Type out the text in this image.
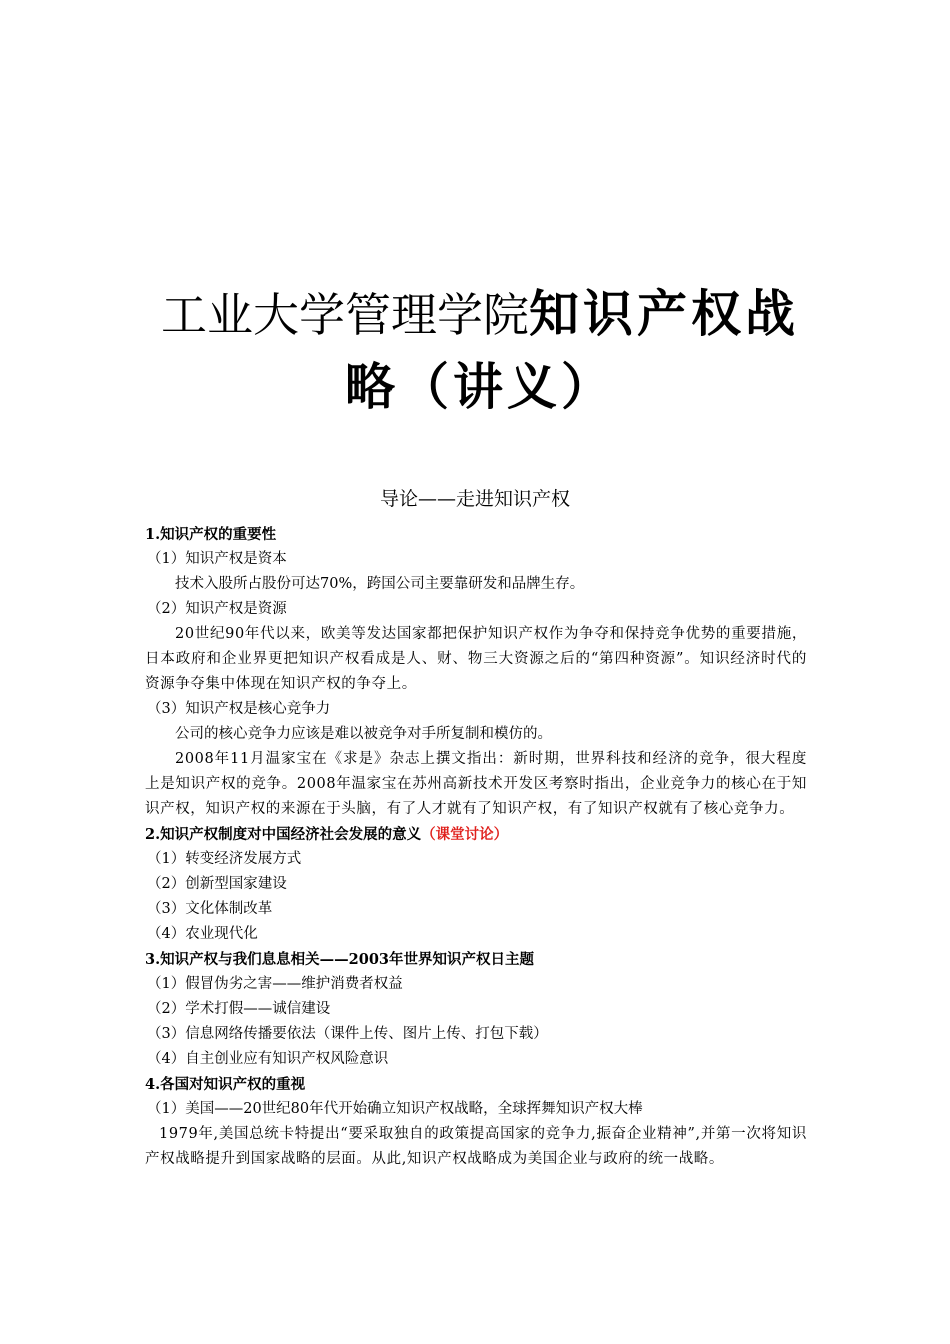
工业大学管理学院知识产权战
略（讲义）
导论——走进知识产权

1.知识产权的重要性

（1）知识产权是资本

技术入股所占股份可达70%，跨国公司主要靠研发和品牌生存。

（2）知识产权是资源

20世纪90年代以来，欧美等发达国家都把保护知识产权作为争夺和保持竞争优势的重要措施，日本政府和企业界更把知识产权看成是人、财、物三大资源之后的“第四种资源”。知识经济时代的资源争夺集中体现在知识产权的争夺上。

（3）知识产权是核心竞争力

公司的核心竞争力应该是难以被竞争对手所复制和模仿的。

2008年11月温家宝在《求是》杂志上撰文指出：新时期，世界科技和经济的竞争，很大程度上是知识产权的竞争。2008年温家宝在苏州高新技术开发区考察时指出，企业竞争力的核心在于知识产权，知识产权的来源在于头脑，有了人才就有了知识产权，有了知识产权就有了核心竞争力。

2.知识产权制度对中国经济社会发展的意义（课堂讨论）

（1）转变经济发展方式

（2）创新型国家建设

（3）文化体制改革

（4）农业现代化

3.知识产权与我们息息相关——2003年世界知识产权日主题

（1）假冒伪劣之害——维护消费者权益

（2）学术打假——诚信建设

（3）信息网络传播要依法（课件上传、图片上传、打包下载）

（4）自主创业应有知识产权风险意识

4.各国对知识产权的重视

（1）美国——20世纪80年代开始确立知识产权战略，全球挥舞知识产权大棒

1979年,美国总统卡特提出“要采取独自的政策提高国家的竞争力,振奋企业精神”,并第一次将知识产权战略提升到国家战略的层面。从此,知识产权战略成为美国企业与政府的统一战略。
